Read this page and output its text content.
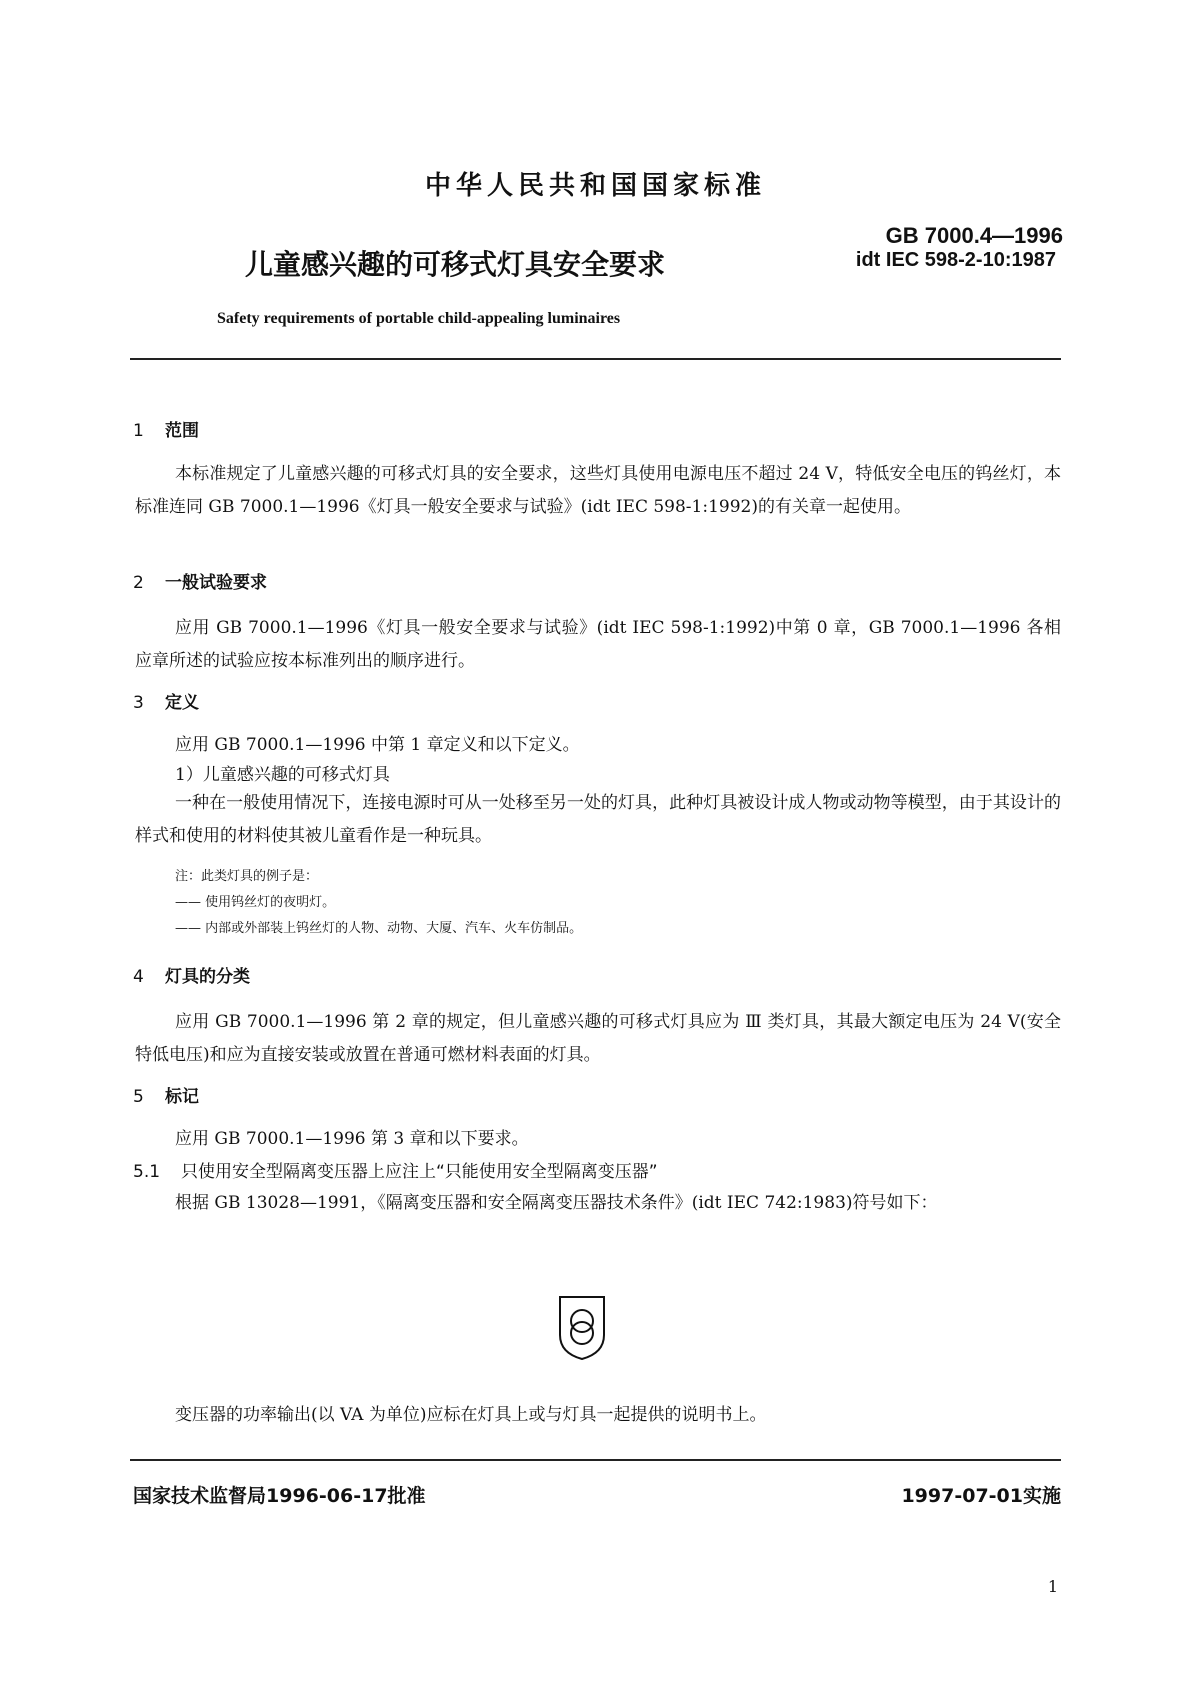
中华人民共和国国家标准
儿童感兴趣的可移式灯具安全要求
GB 7000.4—1996
idt IEC 598-2-10:1987
Safety requirements of portable child-appealing luminaires
1 范围
本标准规定了儿童感兴趣的可移式灯具的安全要求，这些灯具使用电源电压不超过 24 V，特低安全电压的钨丝灯，本标准连同 GB 7000.1—1996《灯具一般安全要求与试验》(idt IEC 598-1:1992)的有关章一起使用。
2 一般试验要求
应用 GB 7000.1—1996《灯具一般安全要求与试验》(idt IEC 598-1:1992)中第 0 章，GB 7000.1—1996 各相应章所述的试验应按本标准列出的顺序进行。
3 定义
应用 GB 7000.1—1996 中第 1 章定义和以下定义。
1）儿童感兴趣的可移式灯具
一种在一般使用情况下，连接电源时可从一处移至另一处的灯具，此种灯具被设计成人物或动物等模型，由于其设计的样式和使用的材料使其被儿童看作是一种玩具。
注：此类灯具的例子是：
—— 使用钨丝灯的夜明灯。
—— 内部或外部装上钨丝灯的人物、动物、大厦、汽车、火车仿制品。
4 灯具的分类
应用 GB 7000.1—1996 第 2 章的规定，但儿童感兴趣的可移式灯具应为 Ⅲ 类灯具，其最大额定电压为 24 V(安全特低电压)和应为直接安装或放置在普通可燃材料表面的灯具。
5 标记
应用 GB 7000.1—1996 第 3 章和以下要求。
5.1 只使用安全型隔离变压器上应注上“只能使用安全型隔离变压器”
根据 GB 13028—1991，《隔离变压器和安全隔离变压器技术条件》(idt IEC 742:1983)符号如下：
变压器的功率输出(以 VA 为单位)应标在灯具上或与灯具一起提供的说明书上。
国家技术监督局1996-06-17批准	1997-07-01实施
1
